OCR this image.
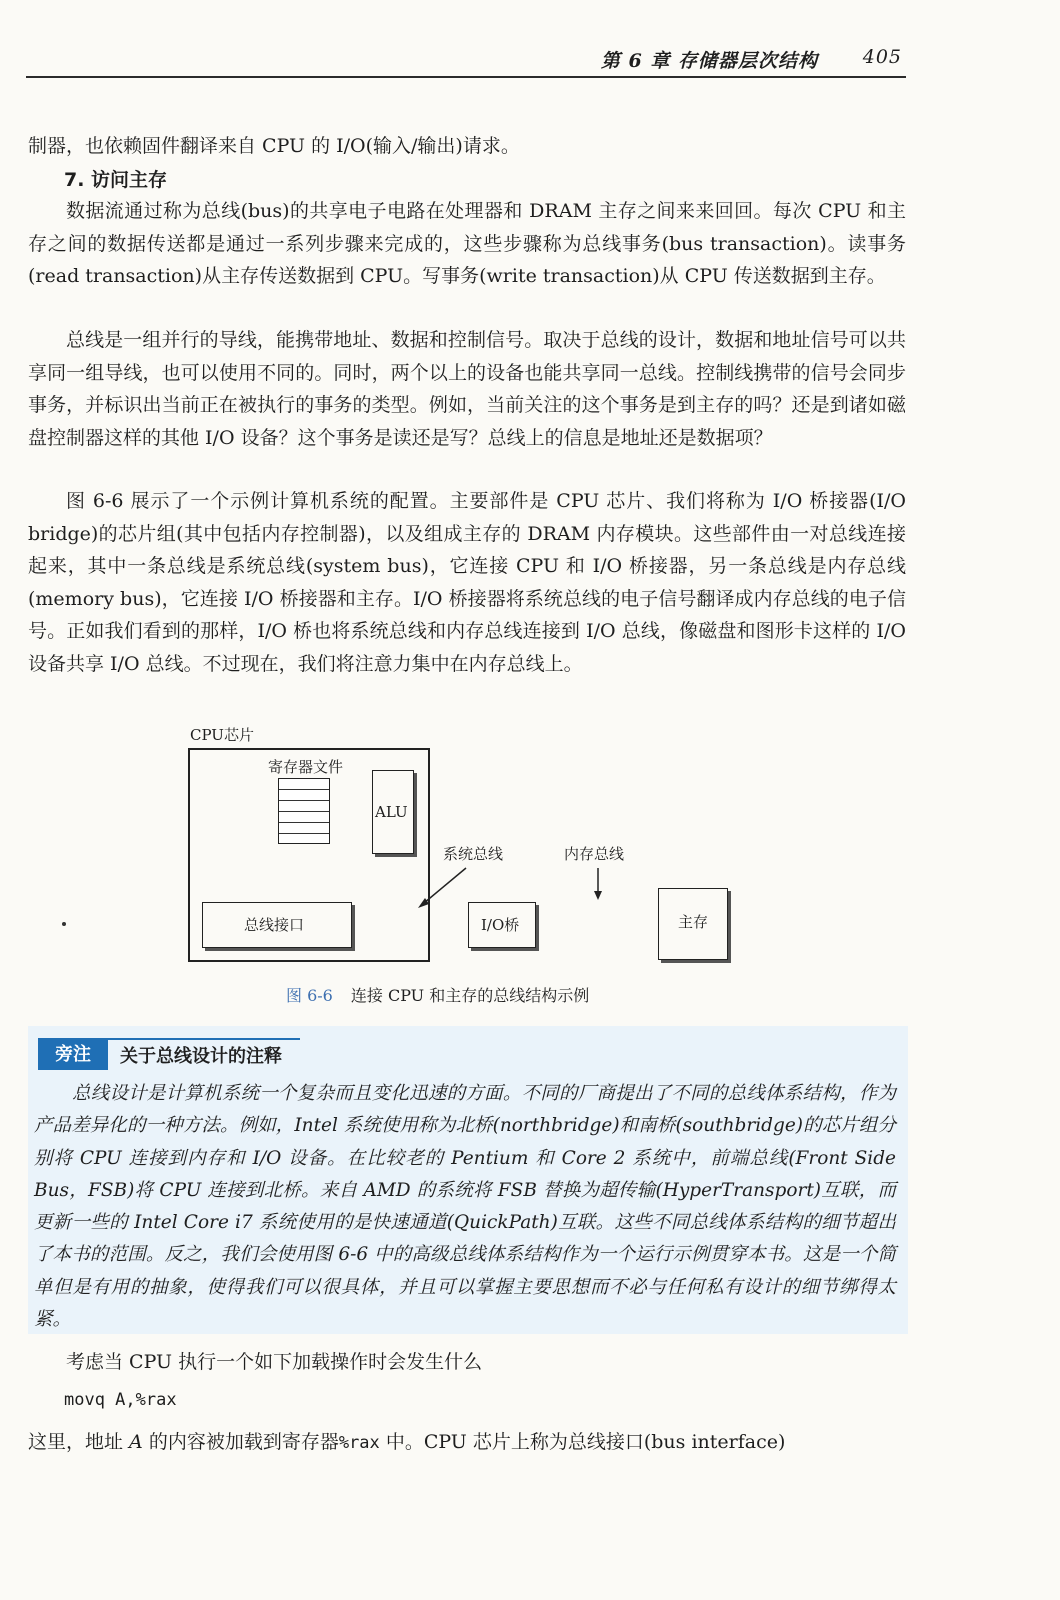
第 6 章 存储器层次结构 405

制器，也依赖固件翻译来自 CPU 的 I/O(输入/输出)请求。

7. 访问主存

数据流通过称为总线(bus)的共享电子电路在处理器和 DRAM 主存之间来来回回。每次 CPU 和主存之间的数据传送都是通过一系列步骤来完成的，这些步骤称为总线事务(bus transaction)。读事务(read transaction)从主存传送数据到 CPU。写事务(write transaction)从 CPU 传送数据到主存。

总线是一组并行的导线，能携带地址、数据和控制信号。取决于总线的设计，数据和地址信号可以共享同一组导线，也可以使用不同的。同时，两个以上的设备也能共享同一总线。控制线携带的信号会同步事务，并标识出当前正在被执行的事务的类型。例如，当前关注的这个事务是到主存的吗？还是到诸如磁盘控制器这样的其他 I/O 设备？这个事务是读还是写？总线上的信息是地址还是数据项？

图 6-6 展示了一个示例计算机系统的配置。主要部件是 CPU 芯片、我们将称为 I/O 桥接器(I/O bridge)的芯片组(其中包括内存控制器)，以及组成主存的 DRAM 内存模块。这些部件由一对总线连接起来，其中一条总线是系统总线(system bus)，它连接 CPU 和 I/O 桥接器，另一条总线是内存总线(memory bus)，它连接 I/O 桥接器和主存。I/O 桥接器将系统总线的电子信号翻译成内存总线的电子信号。正如我们看到的那样，I/O 桥也将系统总线和内存总线连接到 I/O 总线，像磁盘和图形卡这样的 I/O 设备共享 I/O 总线。不过现在，我们将注意力集中在内存总线上。

CPU芯片
寄存器文件
ALU
总线接口	I/O桥	主存
系统总线	内存总线
图 6-6 连接 CPU 和主存的总线结构示例
旁注	关于总线设计的注释

总线设计是计算机系统一个复杂而且变化迅速的方面。不同的厂商提出了不同的总线体系结构，作为产品差异化的一种方法。例如，Intel 系统使用称为北桥(northbridge)和南桥(southbridge)的芯片组分别将 CPU 连接到内存和 I/O 设备。在比较老的 Pentium 和 Core 2 系统中，前端总线(Front Side Bus，FSB)将 CPU 连接到北桥。来自 AMD 的系统将 FSB 替换为超传输(HyperTransport)互联，而更新一些的 Intel Core i7 系统使用的是快速通道(QuickPath)互联。这些不同总线体系结构的细节超出了本书的范围。反之，我们会使用图 6-6 中的高级总线体系结构作为一个运行示例贯穿本书。这是一个简单但是有用的抽象，使得我们可以很具体，并且可以掌握主要思想而不必与任何私有设计的细节绑得太紧。

考虑当 CPU 执行一个如下加载操作时会发生什么

movq A,%rax

这里，地址 A 的内容被加载到寄存器%rax 中。CPU 芯片上称为总线接口(bus interface)
